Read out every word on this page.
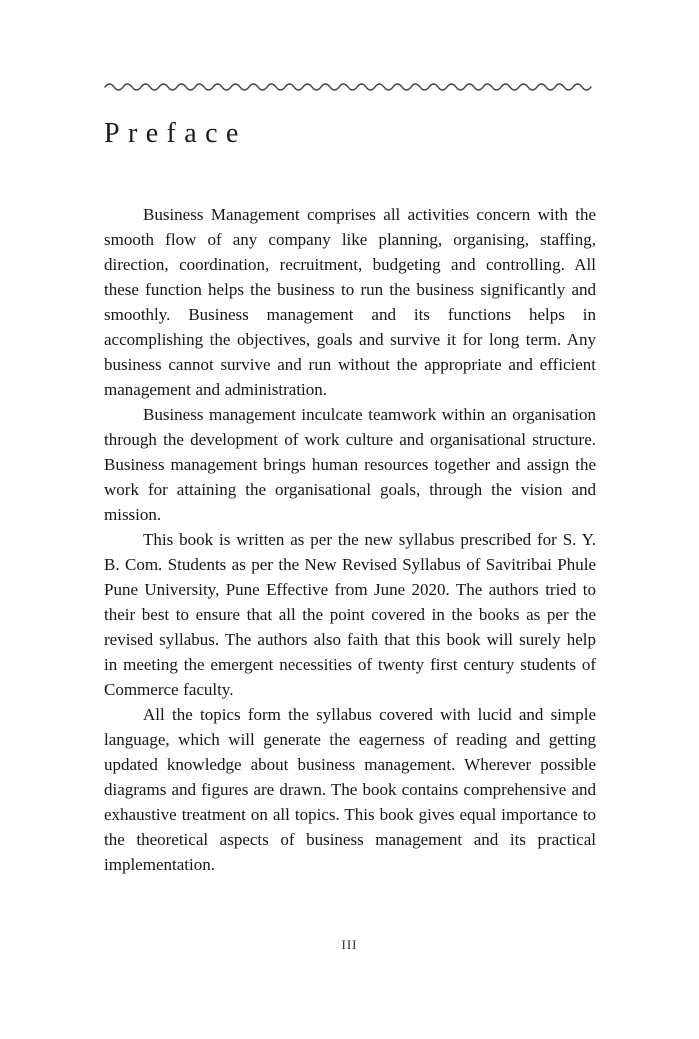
Preface

Business Management comprises all activities concern with the smooth flow of any company like planning, organising, staffing, direction, coordination, recruitment, budgeting and controlling. All these function helps the business to run the business significantly and smoothly. Business management and its functions helps in accomplishing the objectives, goals and survive it for long term. Any business cannot survive and run without the appropriate and efficient management and administration.

Business management inculcate teamwork within an organisation through the development of work culture and organisational structure. Business management brings human resources together and assign the work for attaining the organisational goals, through the vision and mission.

This book is written as per the new syllabus prescribed for S. Y. B. Com. Students as per the New Revised Syllabus of Savitribai Phule Pune University, Pune Effective from June 2020. The authors tried to their best to ensure that all the point covered in the books as per the revised syllabus. The authors also faith that this book will surely help in meeting the emergent necessities of twenty first century students of Commerce faculty.

All the topics form the syllabus covered with lucid and simple language, which will generate the eagerness of reading and getting updated knowledge about business management. Wherever possible diagrams and figures are drawn. The book contains comprehensive and exhaustive treatment on all topics. This book gives equal importance to the theoretical aspects of business management and its practical implementation.

III
